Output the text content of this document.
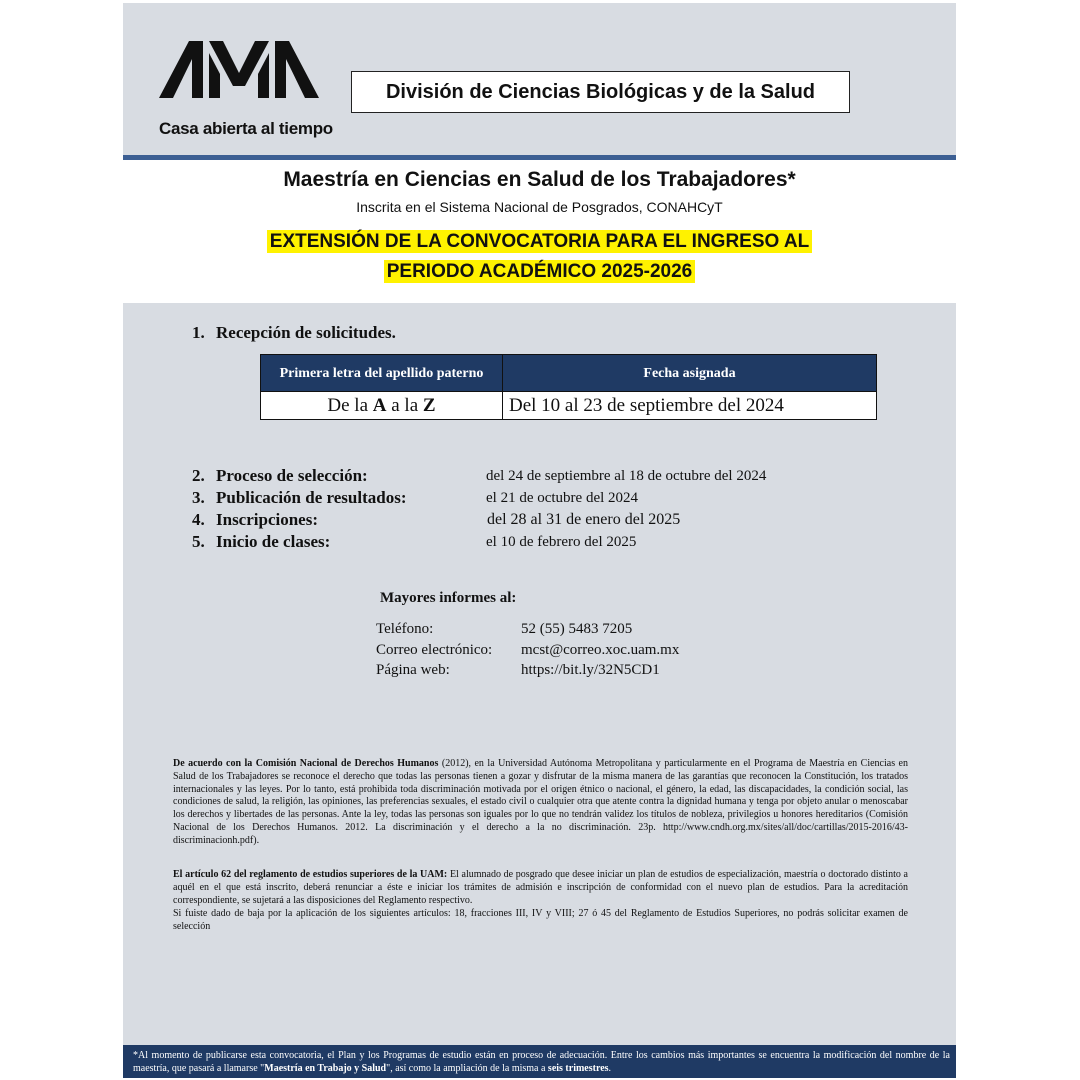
Casa abierta al tiempo
División de Ciencias Biológicas y de la Salud
Maestría en Ciencias en Salud de los Trabajadores*
Inscrita en el Sistema Nacional de Posgrados, CONAHCyT
EXTENSIÓN DE LA CONVOCATORIA PARA EL INGRESO AL
PERIODO ACADÉMICO 2025-2026
1. Recepción de solicitudes.
Primera letra del apellido paterno	Fecha asignada
De la A a la Z	Del 10 al 23 de septiembre del 2024
2. Proceso de selección:	del 24 de septiembre al 18 de octubre del 2024
3. Publicación de resultados:	el 21 de octubre del 2024
4. Inscripciones:	del 28 al 31 de enero del 2025
5. Inicio de clases:	el 10 de febrero del 2025
Mayores informes al:
Teléfono:	52 (55) 5483 7205
Correo electrónico: mcst@correo.xoc.uam.mx
Página web:	https://bit.ly/32N5CD1
De acuerdo con la Comisión Nacional de Derechos Humanos (2012), en la Universidad Autónoma Metropolitana y particularmente en el Programa de Maestría en Ciencias en Salud de los Trabajadores se reconoce el derecho que todas las personas tienen a gozar y disfrutar de la misma manera de las garantías que reconocen la Constitución, los tratados internacionales y las leyes. Por lo tanto, está prohibida toda discriminación motivada por el origen étnico o nacional, el género, la edad, las discapacidades, la condición social, las condiciones de salud, la religión, las opiniones, las preferencias sexuales, el estado civil o cualquier otra que atente contra la dignidad humana y tenga por objeto anular o menoscabar los derechos y libertades de las personas. Ante la ley, todas las personas son iguales por lo que no tendrán validez los títulos de nobleza, privilegios u honores hereditarios (Comisión Nacional de los Derechos Humanos. 2012. La discriminación y el derecho a la no discriminación. 23p. http://www.cndh.org.mx/sites/all/doc/cartillas/2015-2016/43-discriminacionh.pdf).
El artículo 62 del reglamento de estudios superiores de la UAM: El alumnado de posgrado que desee iniciar un plan de estudios de especialización, maestría o doctorado distinto a aquél en el que está inscrito, deberá renunciar a éste e iniciar los trámites de admisión e inscripción de conformidad con el nuevo plan de estudios. Para la acreditación correspondiente, se sujetará a las disposiciones del Reglamento respectivo.
Si fuiste dado de baja por la aplicación de los siguientes artículos: 18, fracciones III, IV y VIII; 27 ó 45 del Reglamento de Estudios Superiores, no podrás solicitar examen de selección
*Al momento de publicarse esta convocatoria, el Plan y los Programas de estudio están en proceso de adecuación. Entre los cambios más importantes se encuentra la modificación del nombre de la maestría, que pasará a llamarse "Maestría en Trabajo y Salud", así como la ampliación de la misma a seis trimestres.
